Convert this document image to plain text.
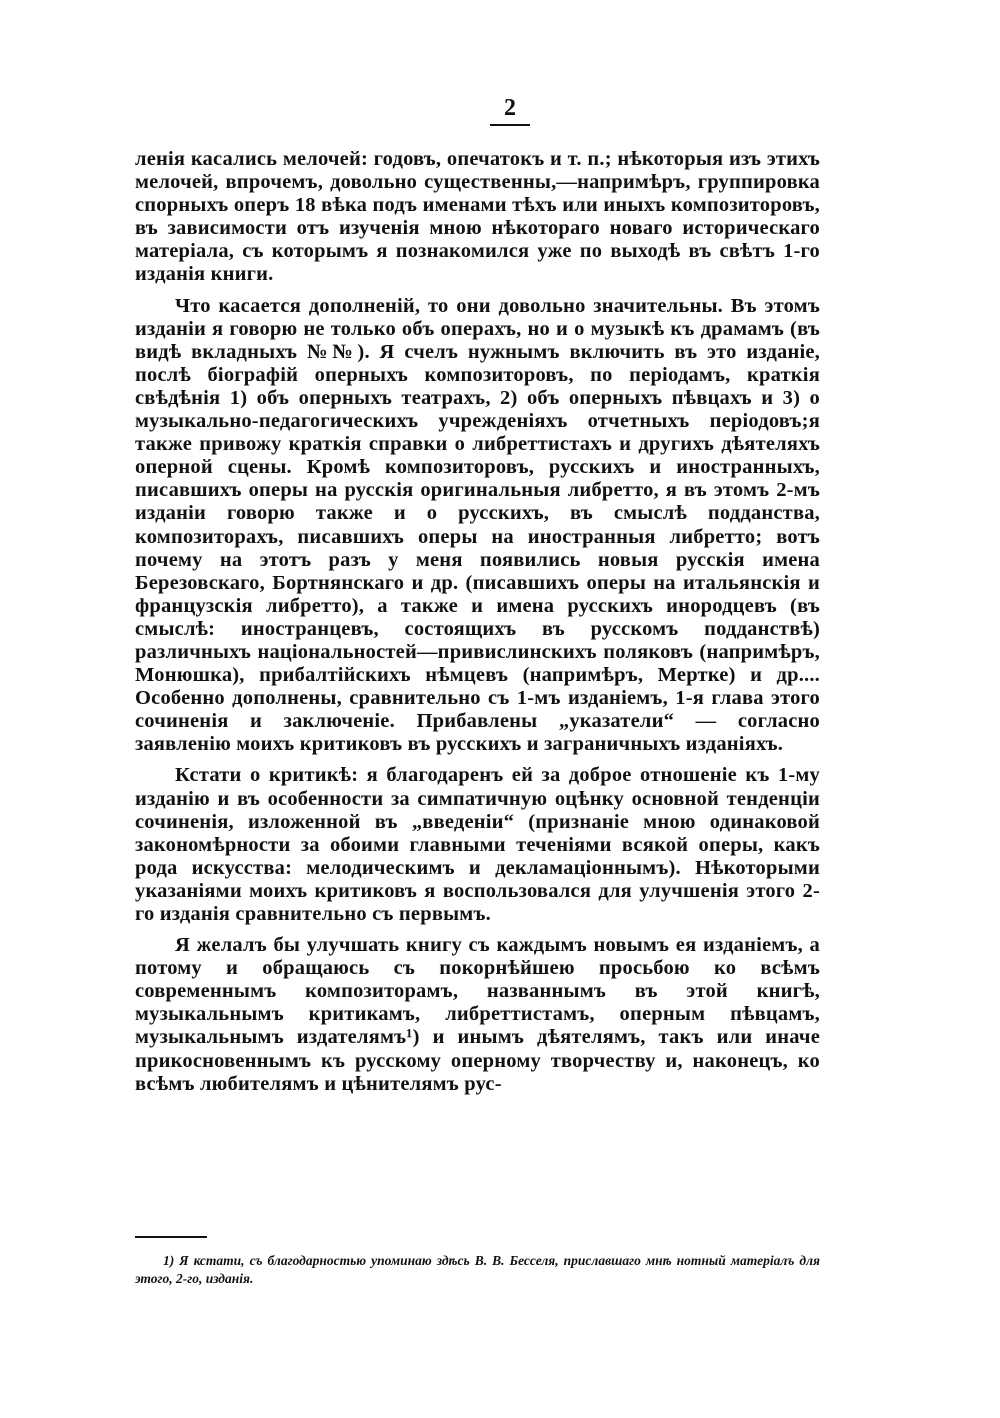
2

ленія касались мелочей: годовъ, опечатокъ и т. п.; нѣкоторыя изъ этихъ мелочей, впрочемъ, довольно существенны,—напримѣръ, группировка спорныхъ оперъ 18 вѣка подъ именами тѣхъ или иныхъ композиторовъ, въ зависимости отъ изученія мною нѣкотораго новаго историческаго матеріала, съ которымъ я познакомился уже по выходѣ въ свѣтъ 1-го изданія книги.

Что касается дополненій, то они довольно значительны. Въ этомъ изданіи я говорю не только объ операхъ, но и о музыкѣ къ драмамъ (въ видѣ вкладныхъ №№). Я счелъ нужнымъ включить въ это изданіе, послѣ біографій оперныхъ композиторовъ, по періодамъ, краткія свѣдѣнія 1) объ оперныхъ театрахъ, 2) объ оперныхъ пѣвцахъ и 3) о музыкально-педагогическихъ учрежденіяхъ отчетныхъ періодовъ;я также привожу краткія справки о либреттистахъ и другихъ дѣятеляхъ оперной сцены. Кромѣ композиторовъ, русскихъ и иностранныхъ, писавшихъ оперы на русскія оригинальныя либретто, я въ этомъ 2-мъ изданіи говорю также и о русскихъ, въ смыслѣ подданства, композиторахъ, писавшихъ оперы на иностранныя либретто; вотъ почему на этотъ разъ у меня появились новыя русскія имена Березовскаго, Бортнянскаго и др. (писавшихъ оперы на итальянскія и французскія либретто), а также и имена русскихъ инородцевъ (въ смыслѣ: иностранцевъ, состоящихъ въ русскомъ подданствѣ) различныхъ національностей—привислинскихъ поляковъ (напримѣръ, Монюшка), прибалтійскихъ нѣмцевъ (напримѣръ, Мертке) и др.... Особенно дополнены, сравнительно съ 1-мъ изданіемъ, 1-я глава этого сочиненія и заключеніе. Прибавлены „указатели“ — согласно заявленію моихъ критиковъ въ русскихъ и заграничныхъ изданіяхъ.

Кстати о критикѣ: я благодаренъ ей за доброе отношеніе къ 1-му изданію и въ особенности за симпатичную оцѣнку основной тенденціи сочиненія, изложенной въ „введеніи“ (признаніе мною одинаковой закономѣрности за обоими главными теченіями всякой оперы, какъ рода искусства: мелодическимъ и декламаціоннымъ). Нѣкоторыми указаніями моихъ критиковъ я воспользовался для улучшенія этого 2-го изданія сравнительно съ первымъ.

Я желалъ бы улучшать книгу съ каждымъ новымъ ея изданіемъ, а потому и обращаюсь съ покорнѣйшею просьбою ко всѣмъ современнымъ композиторамъ, названнымъ въ этой книгѣ, музыкальнымъ критикамъ, либреттистамъ, оперным пѣвцамъ, музыкальнымъ издателямъ¹) и инымъ дѣятелямъ, такъ или иначе прикосновеннымъ къ русскому оперному творчеству и, наконецъ, ко всѣмъ любителямъ и цѣнителямъ рус-

1) Я кстати, съ благодарностью упоминаю здѣсь В. В. Бесселя, приславшаго мнѣ нотный матеріалъ для этого, 2-го, изданія.
